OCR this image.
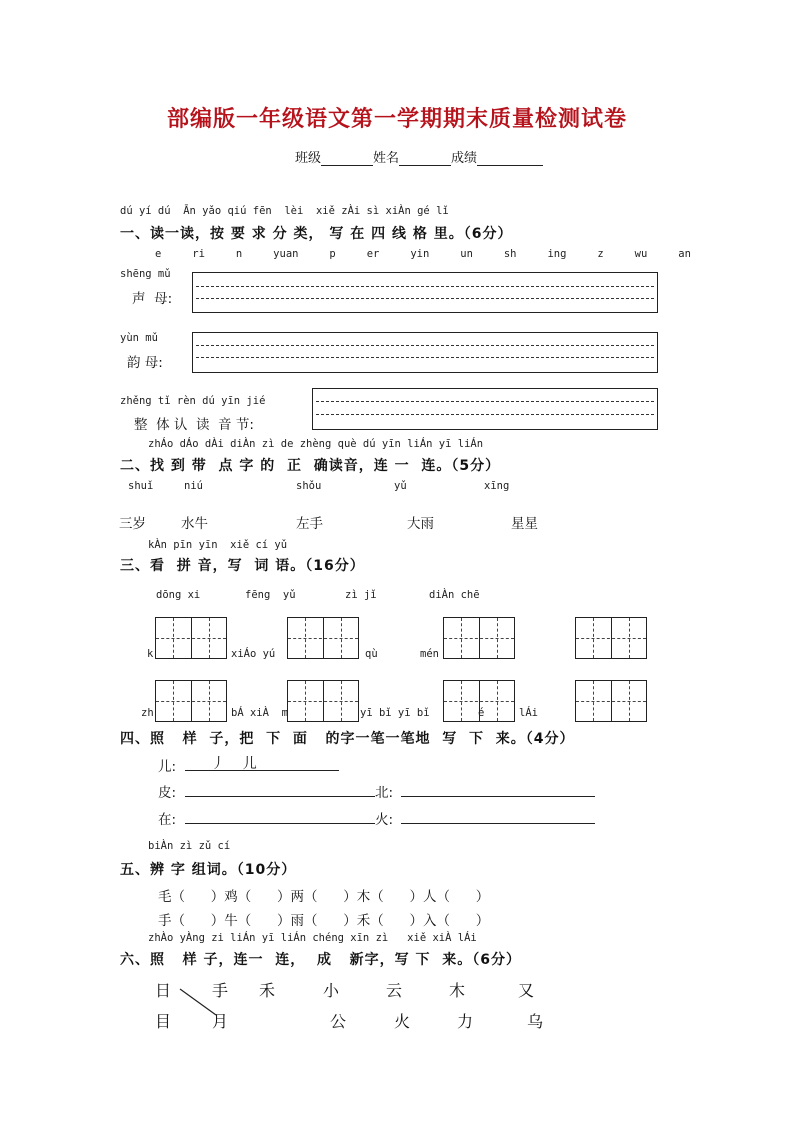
部编版一年级语文第一学期期末质量检测试卷
班级	姓名	成绩
dú yí dú  Ān yǎo qiú fēn  lèi  xiě zÀi sì xiÀn gé lǐ
一、读一读，按 要 求 分 类， 写 在 四 线 格 里。（6分）
e   ri   n   yuan   p   er   yin   un   sh   ing   z   wu   an
shēng mǔ
声  母:
yùn mǔ
韵 母:
zhěng tǐ rèn dú yīn jié
整  体 认  读  音 节:
zhÁo dÁo dÀi diÀn zì de zhèng què dú yīn liÁn yī liÁn
二、找 到 带  点 字 的  正  确读音，连 一  连。（5分）
shuǐ	niú	shǒu	yǔ	xīng
三岁	水牛	左手	大雨	星星
kÀn pīn yīn  xiě cí yǔ
三、看  拼 音，写  词 语。（16分）
dōng xi	fēng  yǔ	zì jǐ	diÀn chē
k	xiÁo yú	qù	mén
zh	bÁ xiÀ  m	yī bǐ yī bǐ	é	lÁi
四、照   样  子，把  下  面   的字一笔一笔地  写  下  来。（4分）
儿:	丿    儿
皮:	北:
在:	火:
biÀn zì zǔ cí
五、辨 字 组词。（10分）
毛（      ）鸡（      ）两（      ）木（      ）人（      ）
手（      ）牛（      ）雨（      ）禾（      ）入（      ）
zhÀo yÀng zi liÁn yī liÁn chéng xīn zì   xiě xiÀ lÁi
六、照   样 子，连一  连，  成   新字，写 下  来。（6分）
日	手 禾	小	云	木	又
目	月	公	火	力	乌
